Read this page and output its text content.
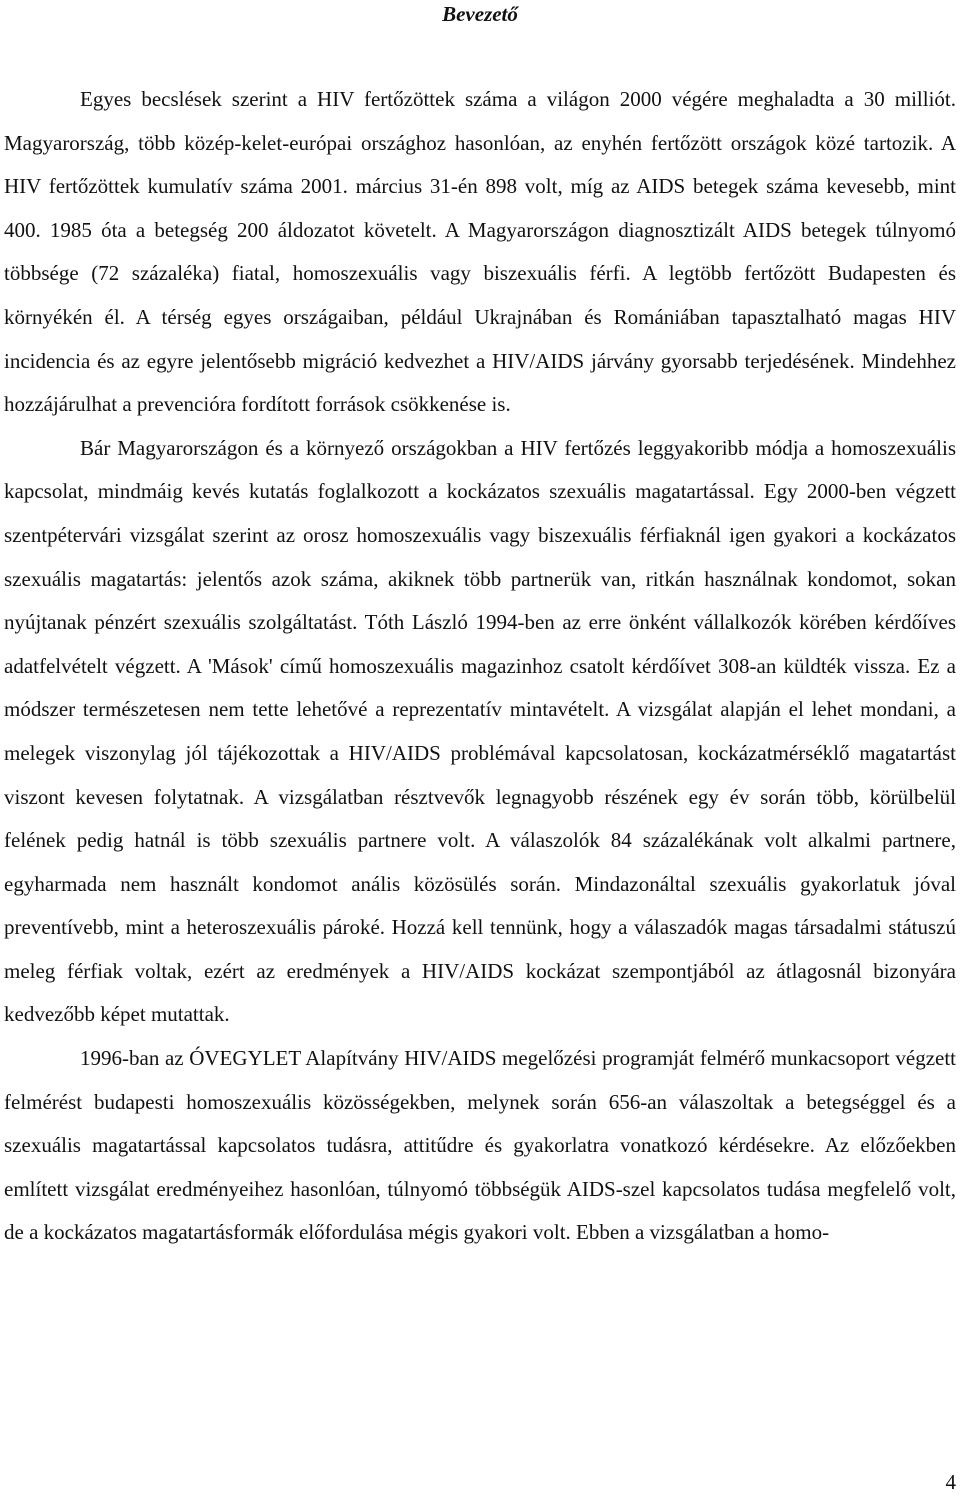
Bevezető

Egyes becslések szerint a HIV fertőzöttek száma a világon 2000 végére meghaladta a 30 milliót. Magyarország, több közép-kelet-európai országhoz hasonlóan, az enyhén fertőzött országok közé tartozik. A HIV fertőzöttek kumulatív száma 2001. március 31-én 898 volt, míg az AIDS betegek száma kevesebb, mint 400. 1985 óta a betegség 200 áldozatot követelt. A Magyarországon diagnosztizált AIDS betegek túlnyomó többsége (72 százaléka) fiatal, homoszexuális vagy biszexuális férfi. A legtöbb fertőzött Budapesten és környékén él. A térség egyes országaiban, például Ukrajnában és Romániában tapasztalható magas HIV incidencia és az egyre jelentősebb migráció kedvezhet a HIV/AIDS járvány gyorsabb terjedésének. Mindehhez hozzájárulhat a prevencióra fordított források csökkenése is.

Bár Magyarországon és a környező országokban a HIV fertőzés leggyakoribb módja a homoszexuális kapcsolat, mindmáig kevés kutatás foglalkozott a kockázatos szexuális magatartással. Egy 2000-ben végzett szentpétervári vizsgálat szerint az orosz homoszexuális vagy biszexuális férfiaknál igen gyakori a kockázatos szexuális magatartás: jelentős azok száma, akiknek több partnerük van, ritkán használnak kondomot, sokan nyújtanak pénzért szexuális szolgáltatást. Tóth László 1994-ben az erre önként vállalkozók körében kérdőíves adatfelvételt végzett. A 'Mások' című homoszexuális magazinhoz csatolt kérdőívet 308-an küldték vissza. Ez a módszer természetesen nem tette lehetővé a reprezentatív mintavételt. A vizsgálat alapján el lehet mondani, a melegek viszonylag jól tájékozottak a HIV/AIDS problémával kapcsolatosan, kockázatmérséklő magatartást viszont kevesen folytatnak. A vizsgálatban résztvevők legnagyobb részének egy év során több, körülbelül felének pedig hatnál is több szexuális partnere volt. A válaszolók 84 százalékának volt alkalmi partnere, egyharmada nem használt kondomot anális közösülés során. Mindazonáltal szexuális gyakorlatuk jóval preventívebb, mint a heteroszexuális pároké. Hozzá kell tennünk, hogy a válaszadók magas társadalmi státuszú meleg férfiak voltak, ezért az eredmények a HIV/AIDS kockázat szempontjából az átlagosnál bizonyára kedvezőbb képet mutattak.

1996-ban az ÓVEGYLET Alapítvány HIV/AIDS megelőzési programját felmérő munkacsoport végzett felmérést budapesti homoszexuális közösségekben, melynek során 656-an válaszoltak a betegséggel és a szexuális magatartással kapcsolatos tudásra, attitűdre és gyakorlatra vonatkozó kérdésekre. Az előzőekben említett vizsgálat eredményeihez hasonlóan, túlnyomó többségük AIDS-szel kapcsolatos tudása megfelelő volt, de a kockázatos magatartásformák előfordulása mégis gyakori volt. Ebben a vizsgálatban a homo-

4
